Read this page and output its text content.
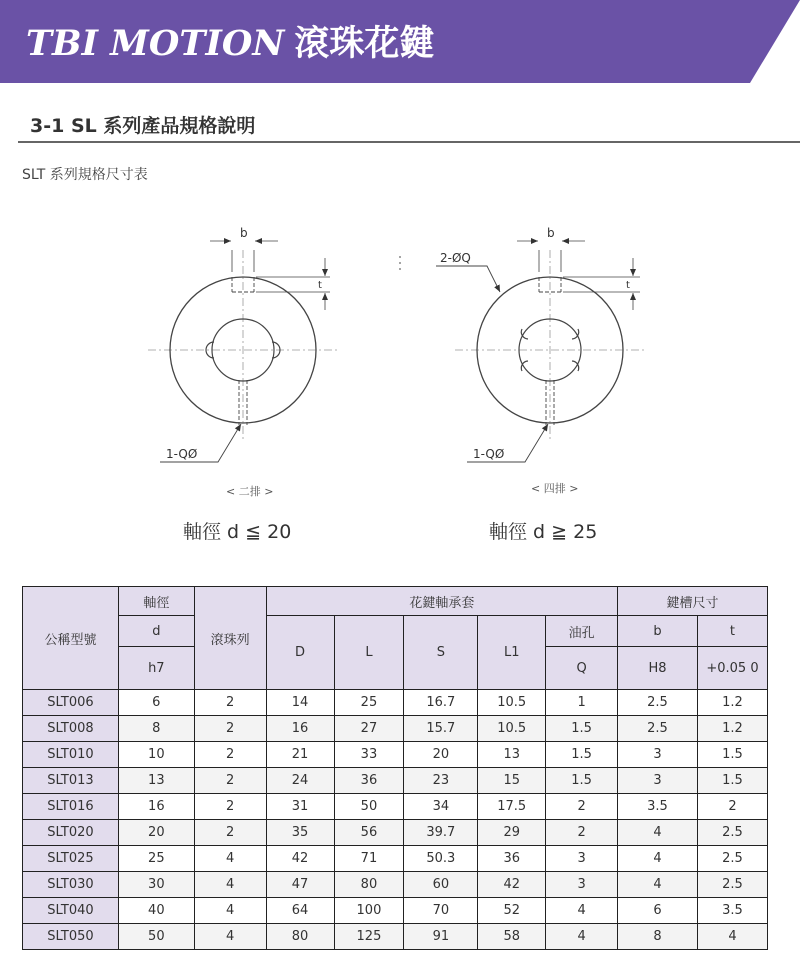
TBI MOTION 滾珠花鍵
3-1 SL 系列產品規格說明
SLT 系列規格尺寸表
b
t
1-QØ
b
t
2-ØQ
1-QØ
< 二排 >	< 四排 >
軸徑 d ≦ 20	軸徑 d ≧ 25
公稱型號	軸徑	滾珠列	花鍵軸承套					鍵槽尺寸	
	d		D	L	S	L1	油孔	b	t
	h7						Q	H8	+0.05 0
SLT006	6	2	14	25	16.7	10.5	1	2.5	1.2
SLT008	8	2	16	27	15.7	10.5	1.5	2.5	1.2
SLT010	10	2	21	33	20	13	1.5	3	1.5
SLT013	13	2	24	36	23	15	1.5	3	1.5
SLT016	16	2	31	50	34	17.5	2	3.5	2
SLT020	20	2	35	56	39.7	29	2	4	2.5
SLT025	25	4	42	71	50.3	36	3	4	2.5
SLT030	30	4	47	80	60	42	3	4	2.5
SLT040	40	4	64	100	70	52	4	6	3.5
SLT050	50	4	80	125	91	58	4	8	4
